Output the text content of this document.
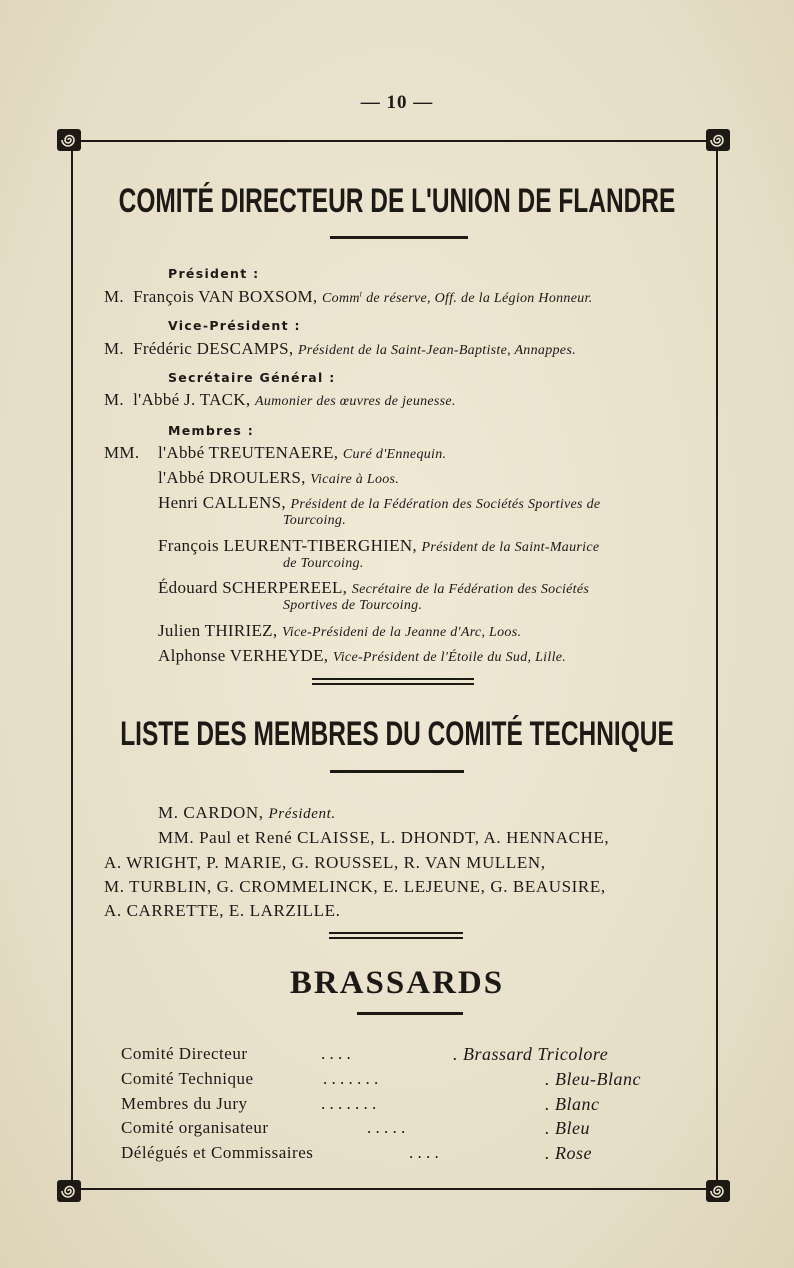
— 10 —
COMITÉ DIRECTEUR DE L'UNION DE FLANDRE
Président :
M. François VAN BOXSOM, Comm$^t$ de réserve, Off. de la Légion Honneur.
Vice-Président :
M. Frédéric DESCAMPS, Président de la Saint-Jean-Baptiste, Annappes.
Secrétaire Général :
M. l'Abbé J. TACK, Aumonier des œuvres de jeunesse.
Membres :
MM. l'Abbé TREUTENAERE, Curé d'Ennequin.
l'Abbé DROULERS, Vicaire à Loos.
Henri CALLENS, Président de la Fédération des Sociétés Sportives de
Tourcoing.
François LEURENT-TIBERGHIEN, Président de la Saint-Maurice
de Tourcoing.
Édouard SCHERPEREEL, Secrétaire de la Fédération des Sociétés
Sportives de Tourcoing.
Julien THIRIEZ, Vice-Présideni de la Jeanne d'Arc, Loos.
Alphonse VERHEYDE, Vice-Président de l'Étoile du Sud, Lille.
LISTE DES MEMBRES DU COMITÉ TECHNIQUE
M. CARDON, Président.
MM. Paul et René CLAISSE, L. DHONDT, A. HENNACHE,
A. WRIGHT, P. MARIE, G. ROUSSEL, R. VAN MULLEN,
M. TURBLIN, G. CROMMELINCK, E. LEJEUNE, G. BEAUSIRE,
A. CARRETTE, E. LARZILLE.
BRASSARDS
Comité Directeur	. . . .	. Brassard Tricolore
Comité Technique	. . . . . . .	. Bleu-Blanc
Membres du Jury	. . . . . . .	. Blanc
Comité organisateur	. . . . .	. Bleu
Délégués et Commissaires	. . . .	. Rose
